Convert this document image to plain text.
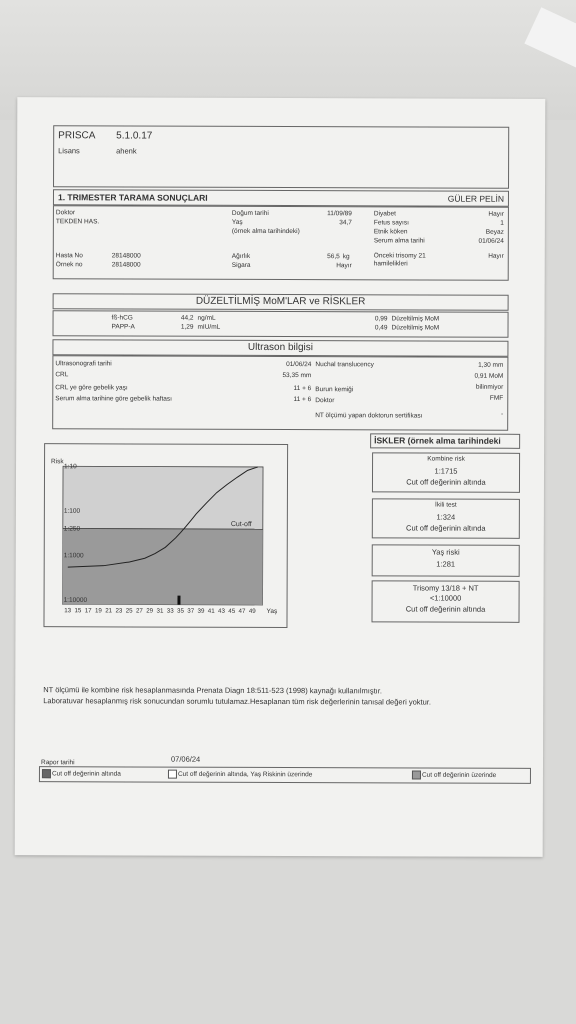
PRISCA 5.1.0.17
Lisans	ahenk
1. TRIMESTER TARAMA SONUÇLARI	GÜLER PELİN
Doktor
TEKDEN HAS.
Hasta No	28148000
Örnek no	28148000
Doğum tarihi	11/09/89
Yaş	34,7
(örnek alma tarihindeki)
Ağırlık	56,5 kg
Sigara	Hayır
Diyabet	Hayır
Fetus sayısı	1
Etnik köken	Beyaz
Serum alma tarihi	01/06/24
Önceki trisomy 21
hamilelikleri
Hayır
DÜZELTİLMİŞ MoM'LAR ve RİSKLER
fß-hCG	44,2 ng/mL	0,99 Düzeltilmiş MoM
PAPP-A	1,29 mIU/mL	0,49 Düzeltilmiş MoM
Ultrason bilgisi
Ultrasonografi tarihi	01/06/24
CRL	53,35 mm
CRL ye göre gebelik yaşı	11 + 6
Serum alma tarihine göre gebelik haftası	11 + 6
Nuchal translucency	1,30 mm
0,91 MoM
Burun kemiği	bilinmiyor
Doktor	FMF
NT ölçümü yapan doktorun sertifikası	-
Cut-off
1:10
1:100
1:250
1:1000
1:10000
13 15 17 19 21 23 25 27 29 31 33 35 37 39 41 43 45 47 49
Risk
Yaş
İSKLER (örnek alma tarihindeki
Kombine risk
1:1715
Cut off değerinin altında
İkili test
1:324
Cut off değerinin altında
Yaş riski
1:281
Trisomy 13/18 + NT
<1:10000
Cut off değerinin altında
NT ölçümü ile kombine risk hesaplanmasında Prenata Diagn 18:511-523 (1998) kaynağı kullanılmıştır.
Laboratuvar hesaplanmış risk sonucundan sorumlu tutulamaz.Hesaplanan tüm risk değerlerinin tanısal değeri yoktur.
Rapor tarihi	07/06/24
Cut off değerinin altında	Cut off değerinin altında, Yaş Riskinin üzerinde	Cut off değerinin üzerinde
